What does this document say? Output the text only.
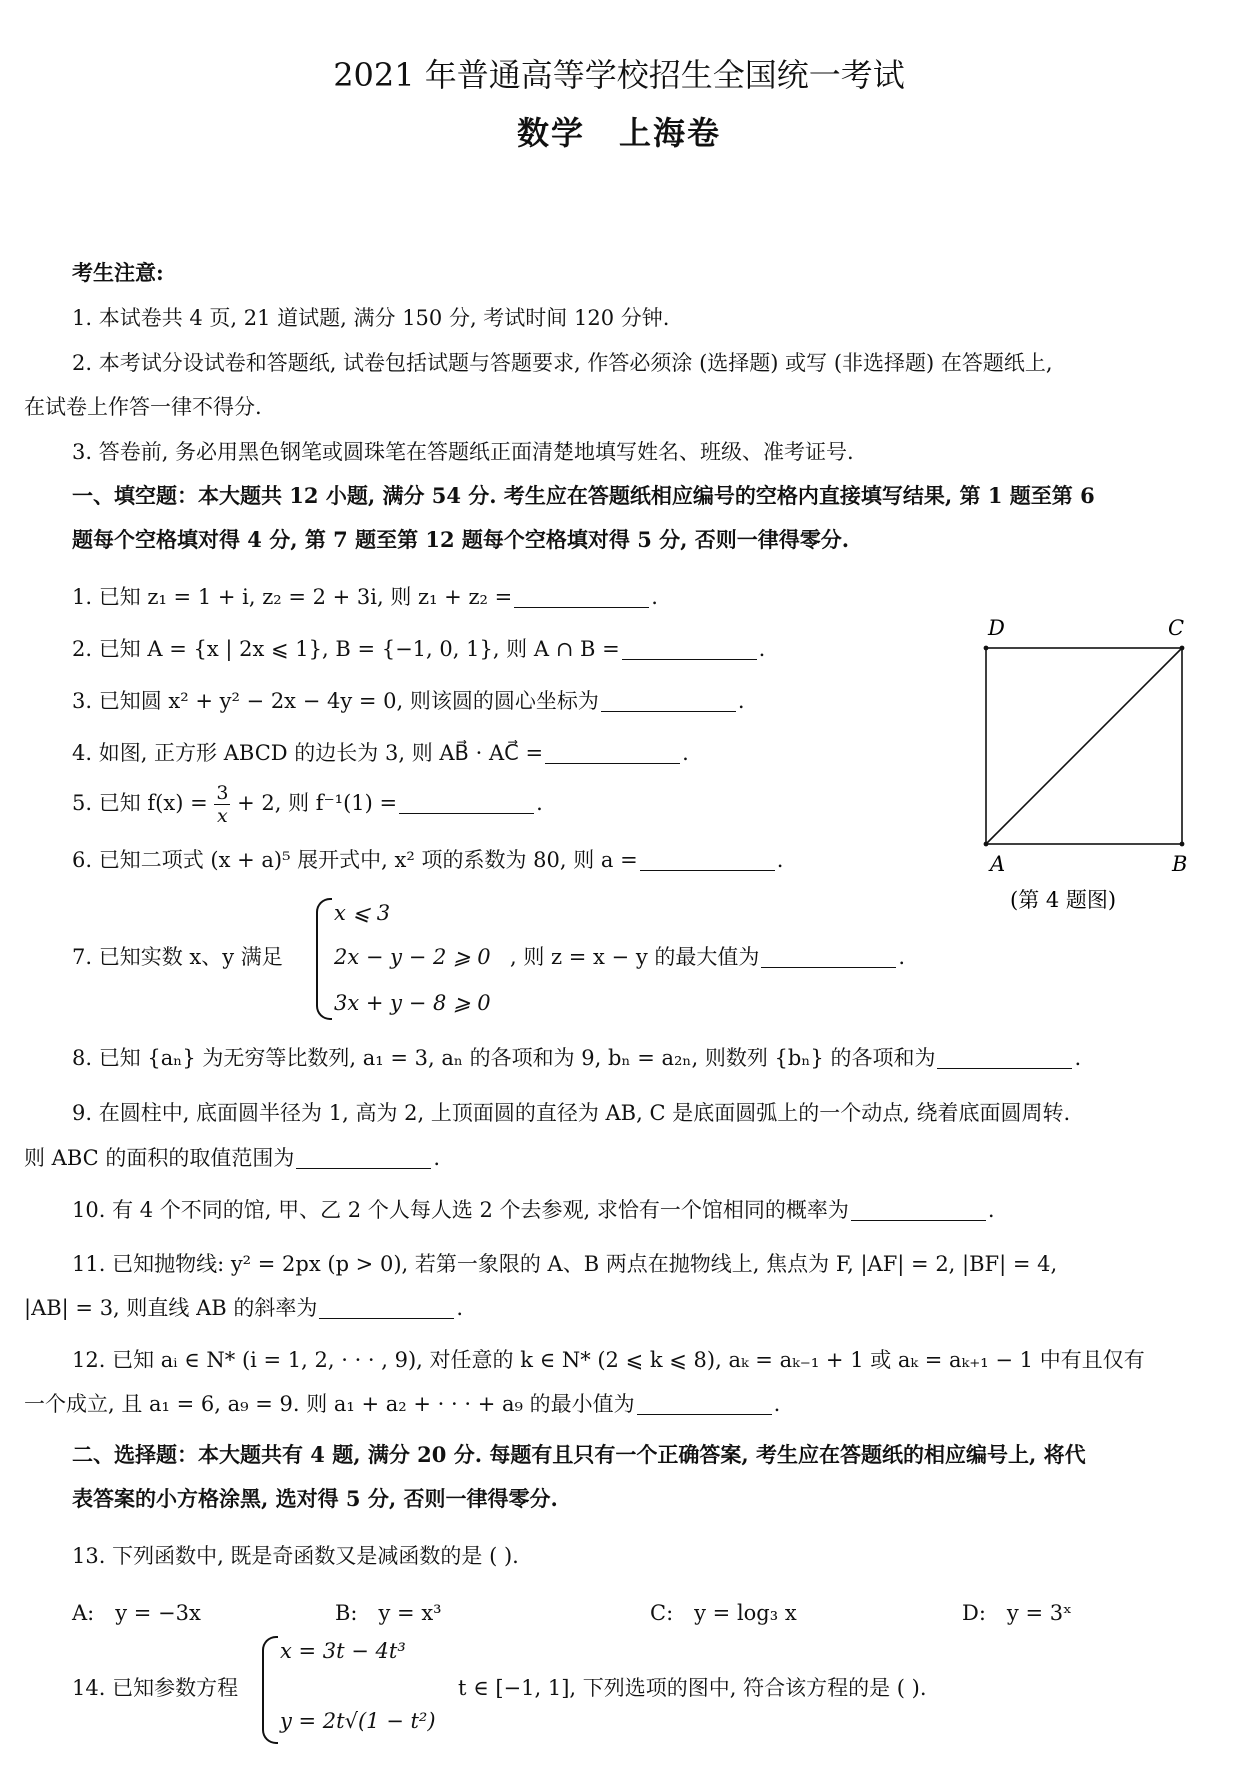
2021 年普通高等学校招生全国统一考试
数学　上海卷
考生注意:
1. 本试卷共 4 页, 21 道试题, 满分 150 分, 考试时间 120 分钟.
2. 本考试分设试卷和答题纸, 试卷包括试题与答题要求, 作答必须涂 (选择题) 或写 (非选择题) 在答题纸上,
在试卷上作答一律不得分.
3. 答卷前, 务必用黑色钢笔或圆珠笔在答题纸正面清楚地填写姓名、班级、准考证号.
一、填空题：本大题共 12 小题, 满分 54 分. 考生应在答题纸相应编号的空格内直接填写结果, 第 1 题至第 6
题每个空格填对得 4 分, 第 7 题至第 12 题每个空格填对得 5 分, 否则一律得零分.
1. 已知 z₁ = 1 + i, z₂ = 2 + 3i, 则 z₁ + z₂ =	.
2. 已知 A = {x | 2x ⩽ 1}, B = {−1, 0, 1}, 则 A ∩ B =	.
3. 已知圆 x² + y² − 2x − 4y = 0, 则该圆的圆心坐标为	.
4. 如图, 正方形 ABCD 的边长为 3, 则 AB⃗ · AC⃗ =	.
5. 已知 $f(x) = \frac{3}{x} + 2$, 则 f⁻¹(1) =	.
6. 已知二项式 (x + a)⁵ 展开式中, x² 项的系数为 80, 则 a =	.
D	C
A	B
(第 4 题图)
7. 已知实数 x、y 满足
x ⩽ 3
2x − y − 2 ⩾ 0
3x + y − 8 ⩾ 0
, 则 z = x − y 的最大值为	.
8. 已知 {aₙ} 为无穷等比数列, a₁ = 3, aₙ 的各项和为 9, bₙ = a₂ₙ, 则数列 {bₙ} 的各项和为	.
9. 在圆柱中, 底面圆半径为 1, 高为 2, 上顶面圆的直径为 AB, C 是底面圆弧上的一个动点, 绕着底面圆周转.
则 ABC 的面积的取值范围为	.
10. 有 4 个不同的馆, 甲、乙 2 个人每人选 2 个去参观, 求恰有一个馆相同的概率为	.
11. 已知抛物线: y² = 2px (p > 0), 若第一象限的 A、B 两点在抛物线上, 焦点为 F, |AF| = 2, |BF| = 4,
|AB| = 3, 则直线 AB 的斜率为	.
12. 已知 aᵢ ∈ N* (i = 1, 2, · · · , 9), 对任意的 k ∈ N* (2 ⩽ k ⩽ 8), aₖ = aₖ₋₁ + 1 或 aₖ = aₖ₊₁ − 1 中有且仅有
一个成立, 且 a₁ = 6, a₉ = 9. 则 a₁ + a₂ + · · · + a₉ 的最小值为	.
二、选择题：本大题共有 4 题, 满分 20 分. 每题有且只有一个正确答案, 考生应在答题纸的相应编号上, 将代
表答案的小方格涂黑, 选对得 5 分, 否则一律得零分.
13. 下列函数中, 既是奇函数又是减函数的是 ( ).
A:　y = −3x	B:　y = x³	C:　y = log₃ x	D:　y = 3ˣ
14. 已知参数方程
x = 3t − 4t³
y = 2t√(1 − t²)
t ∈ [−1, 1], 下列选项的图中, 符合该方程的是 ( ).
